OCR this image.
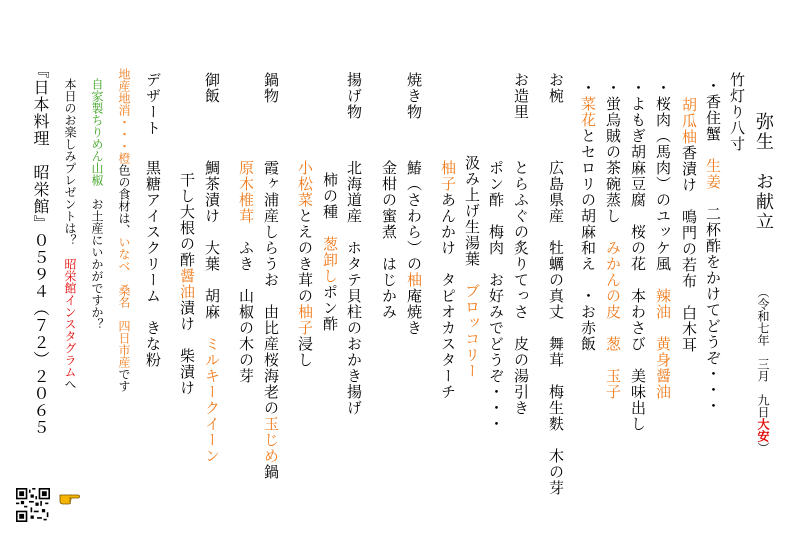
弥生　お献立
（令和七年　三月　九日大安）
竹灯り八寸
・香住蟹　生姜　二杯酢をかけてどうぞ・・・
胡瓜柚香漬け　鳴門の若布　白木耳
・桜肉（馬肉）のユッケ風　辣油　黄身醤油
・よもぎ胡麻豆腐　桜の花　本わさび　美味出し
・蛍烏賊の茶碗蒸し　みかんの皮　葱　玉子
・菜花とセロリの胡麻和え　・お赤飯
お椀
広島県産　牡蠣の真丈　舞茸　梅生麩　木の芽
お造里
とらふぐの炙りてっさ　皮の湯引き
ポン酢　梅肉　お好みでどうぞ・・・
汲み上げ生湯葉　ブロッコリー
柚子あんかけ　タピオカスターチ
焼き物
鰆（さわら）の柚庵焼き
金柑の蜜煮　はじかみ
揚げ物
北海道産　ホタテ貝柱のおかき揚げ
柿の種　葱卸しポン酢
小松菜とえのき茸の柚子浸し
鍋物
霞ヶ浦産しらうお　由比産桜海老の玉じめ鍋
原木椎茸　ふき　山椒の木の芽
御飯
鯛茶漬け　大葉　胡麻　ミルキークイーン
干し大根の酢醤油漬け　柴漬け
デザート
黒糖アイスクリーム　きな粉
地産地消・・・橙色の食材は、いなべ　桑名　四日市産です
自家製ちりめん山椒　お土産にいかがですか？
本日のお楽しみプレゼントは？　昭栄館インスタグラムへ
『日本料理　昭栄館』０５９４（７２）２０６５
